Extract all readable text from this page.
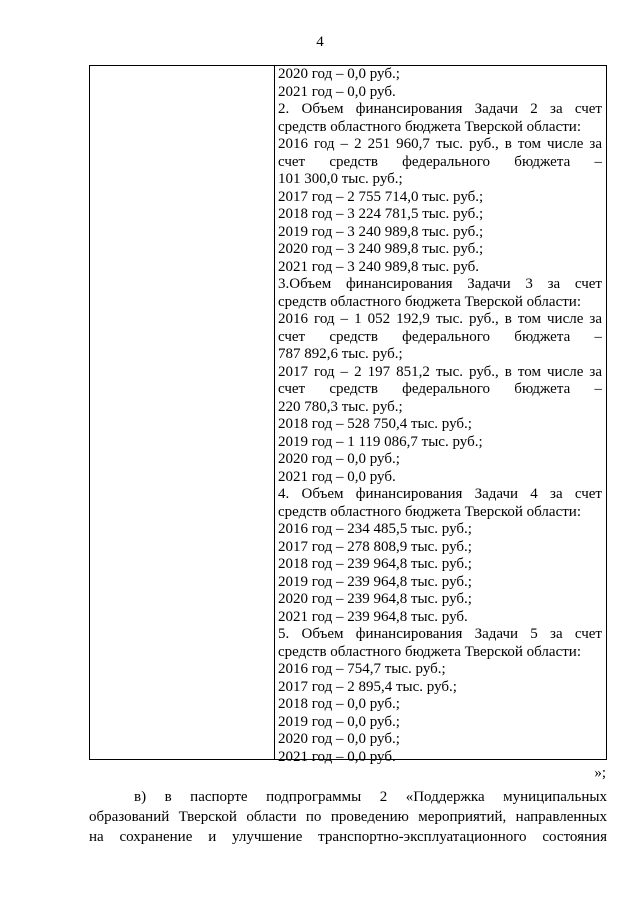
4
2020 год – 0,0 руб.;
2021 год – 0,0 руб.
2. Объем финансирования Задачи 2 за счет
средств областного бюджета Тверской области:
2016 год – 2 251 960,7 тыс. руб., в том числе за
счет средств федерального бюджета –
101 300,0 тыс. руб.;
2017 год – 2 755 714,0 тыс. руб.;
2018 год – 3 224 781,5 тыс. руб.;
2019 год – 3 240 989,8 тыс. руб.;
2020 год – 3 240 989,8 тыс. руб.;
2021 год – 3 240 989,8 тыс. руб.
3.Объем финансирования Задачи 3 за счет
средств областного бюджета Тверской области:
2016 год – 1 052 192,9 тыс. руб., в том числе за
счет средств федерального бюджета –
787 892,6 тыс. руб.;
2017 год – 2 197 851,2 тыс. руб., в том числе за
счет средств федерального бюджета –
220 780,3 тыс. руб.;
2018 год – 528 750,4 тыс. руб.;
2019 год – 1 119 086,7 тыс. руб.;
2020 год – 0,0 руб.;
2021 год – 0,0 руб.
4. Объем финансирования Задачи 4 за счет
средств областного бюджета Тверской области:
2016 год – 234 485,5 тыс. руб.;
2017 год – 278 808,9 тыс. руб.;
2018 год – 239 964,8 тыс. руб.;
2019 год – 239 964,8 тыс. руб.;
2020 год – 239 964,8 тыс. руб.;
2021 год – 239 964,8 тыс. руб.
5. Объем финансирования Задачи 5 за счет
средств областного бюджета Тверской области:
2016 год – 754,7 тыс. руб.;
2017 год – 2 895,4 тыс. руб.;
2018 год – 0,0 руб.;
2019 год – 0,0 руб.;
2020 год – 0,0 руб.;
2021 год – 0,0 руб.
»;
в) в паспорте подпрограммы 2 «Поддержка муниципальных
образований Тверской области по проведению мероприятий, направленных
на сохранение и улучшение транспортно-эксплуатационного состояния
